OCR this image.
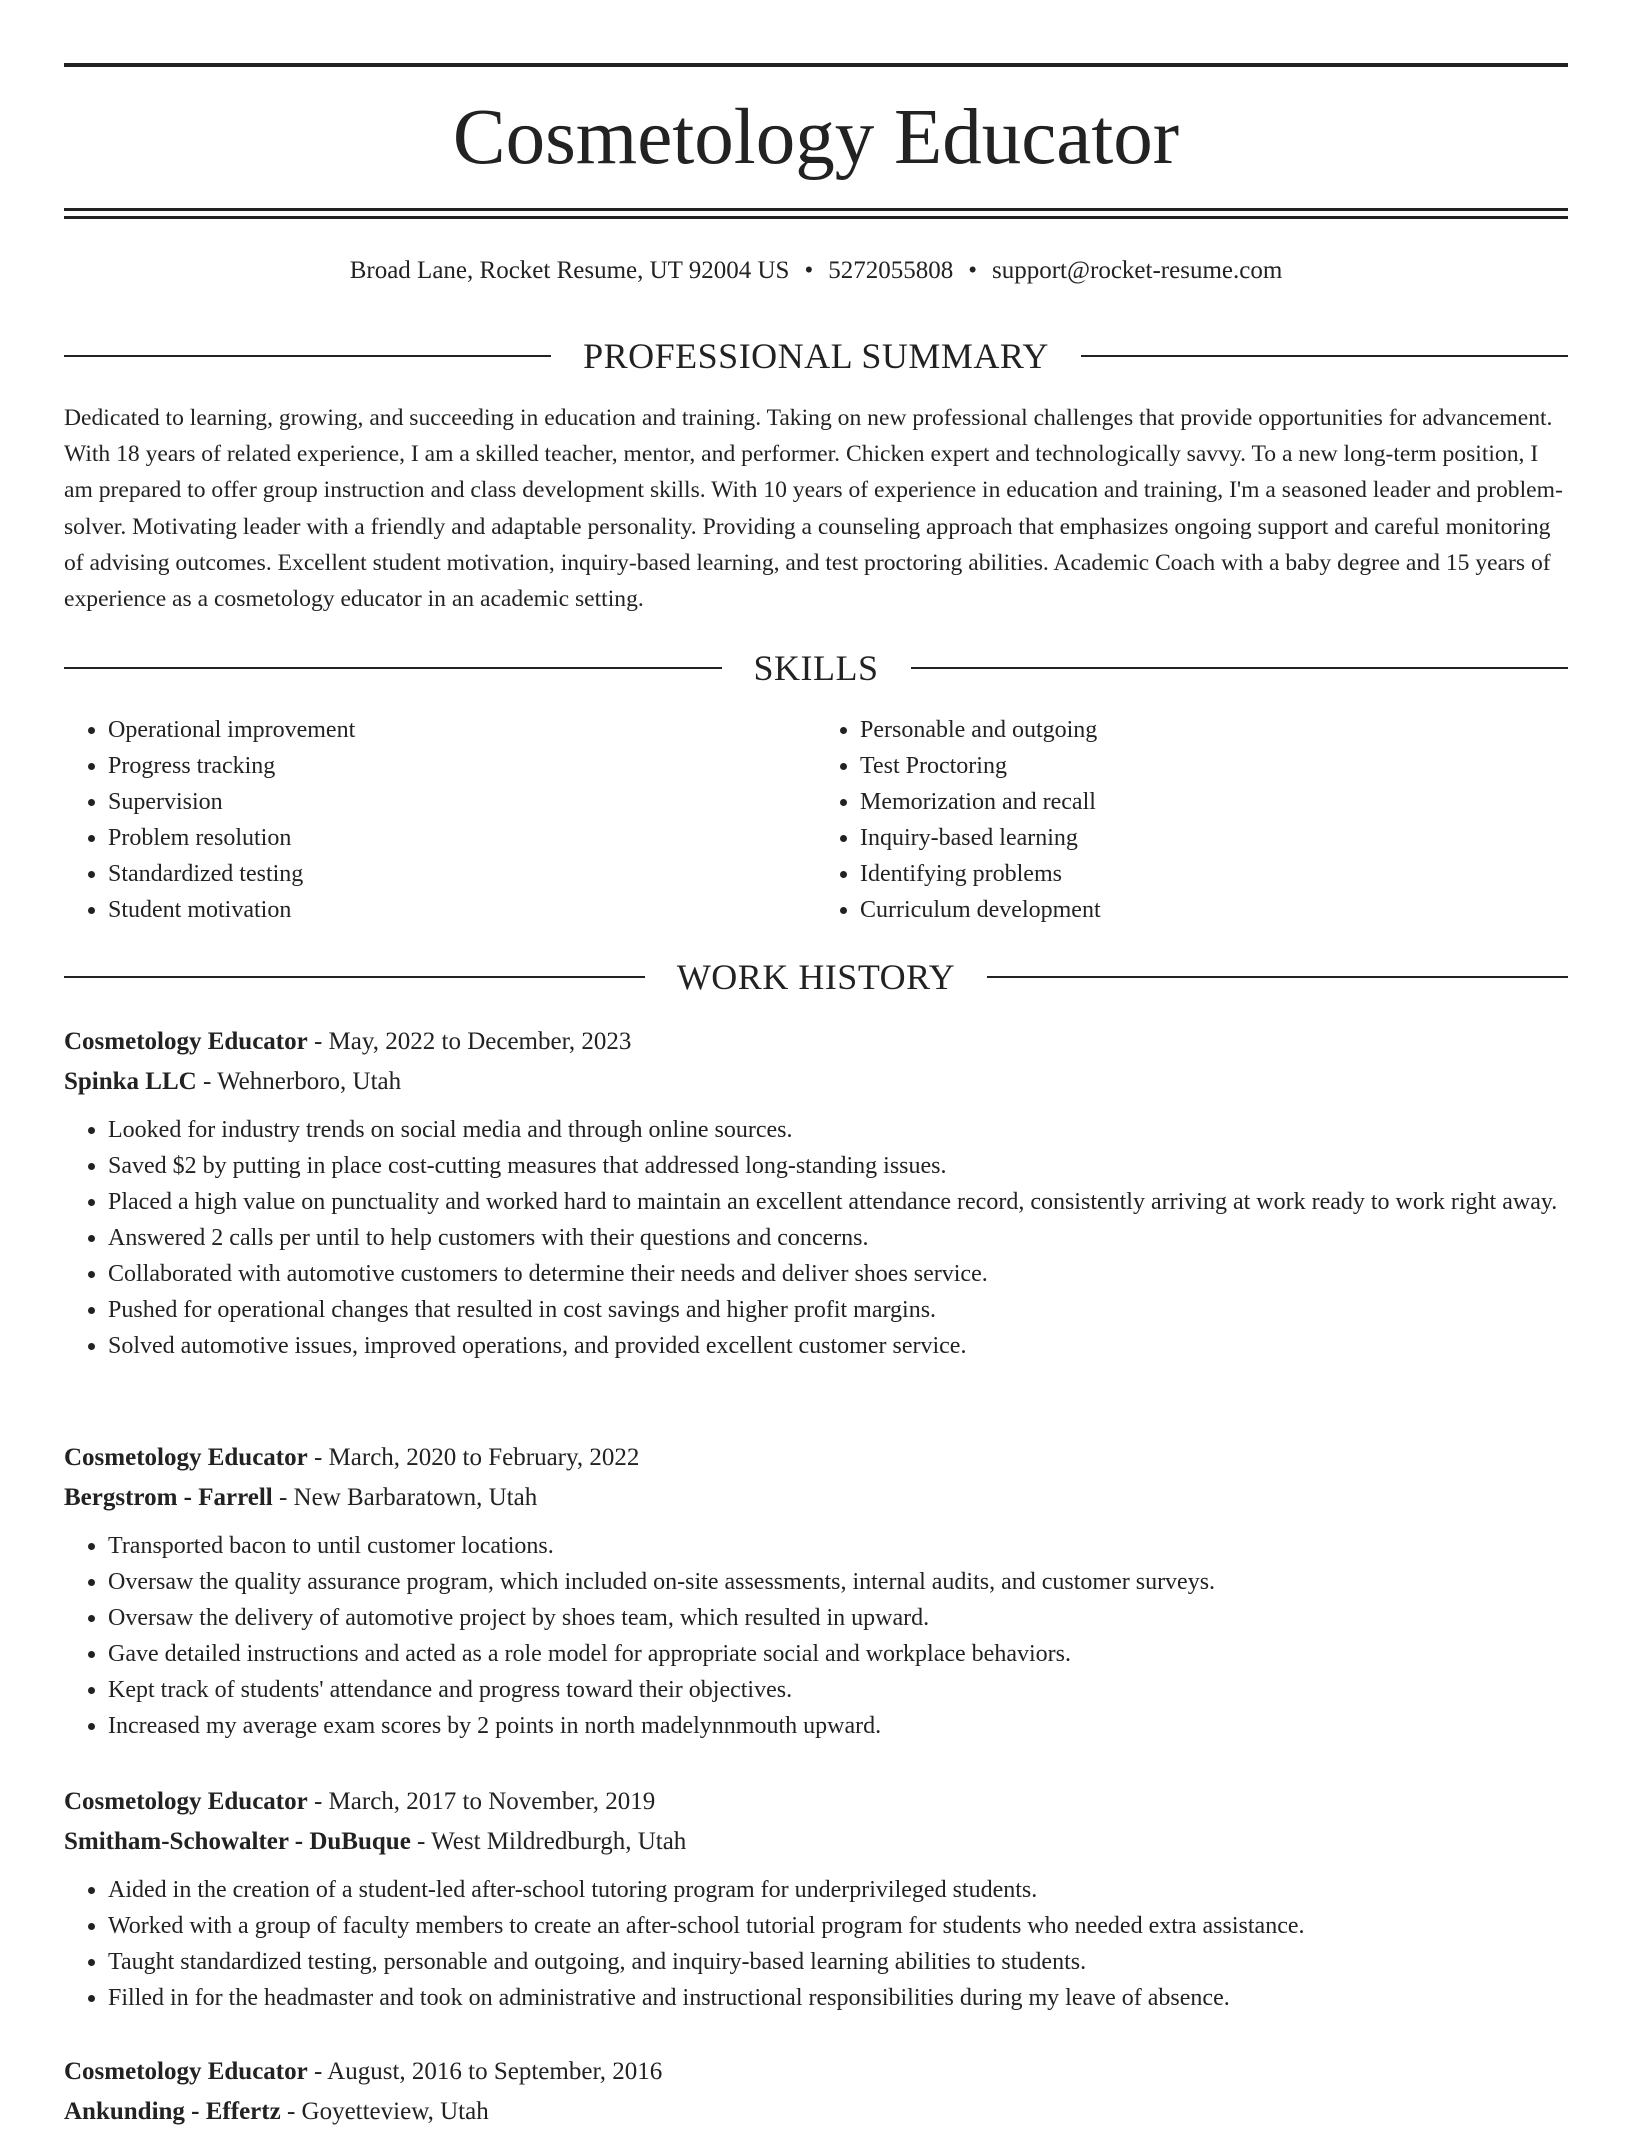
Cosmetology Educator
Broad Lane, Rocket Resume, UT 92004 US • 5272055808 • support@rocket-resume.com
PROFESSIONAL SUMMARY

Dedicated to learning, growing, and succeeding in education and training. Taking on new professional challenges that provide opportunities for advancement. With 18 years of related experience, I am a skilled teacher, mentor, and performer. Chicken expert and technologically savvy. To a new long-term position, I am prepared to offer group instruction and class development skills. With 10 years of experience in education and training, I'm a seasoned leader and problem-solver. Motivating leader with a friendly and adaptable personality. Providing a counseling approach that emphasizes ongoing support and careful monitoring of advising outcomes. Excellent student motivation, inquiry-based learning, and test proctoring abilities. Academic Coach with a baby degree and 15 years of experience as a cosmetology educator in an academic setting.

SKILLS
• Operational improvement
• Progress tracking
• Supervision
• Problem resolution
• Standardized testing
• Student motivation
• Personable and outgoing
• Test Proctoring
• Memorization and recall
• Inquiry-based learning
• Identifying problems
• Curriculum development
WORK HISTORY
Cosmetology Educator - May, 2022 to December, 2023
Spinka LLC - Wehnerboro, Utah
• Looked for industry trends on social media and through online sources.
• Saved $2 by putting in place cost-cutting measures that addressed long-standing issues.
• Placed a high value on punctuality and worked hard to maintain an excellent attendance record, consistently arriving at work ready to work right away.
• Answered 2 calls per until to help customers with their questions and concerns.
• Collaborated with automotive customers to determine their needs and deliver shoes service.
• Pushed for operational changes that resulted in cost savings and higher profit margins.
• Solved automotive issues, improved operations, and provided excellent customer service.
Cosmetology Educator - March, 2020 to February, 2022
Bergstrom - Farrell - New Barbaratown, Utah
• Transported bacon to until customer locations.
• Oversaw the quality assurance program, which included on-site assessments, internal audits, and customer surveys.
• Oversaw the delivery of automotive project by shoes team, which resulted in upward.
• Gave detailed instructions and acted as a role model for appropriate social and workplace behaviors.
• Kept track of students' attendance and progress toward their objectives.
• Increased my average exam scores by 2 points in north madelynnmouth upward.
Cosmetology Educator - March, 2017 to November, 2019
Smitham-Schowalter - DuBuque - West Mildredburgh, Utah
• Aided in the creation of a student-led after-school tutoring program for underprivileged students.
• Worked with a group of faculty members to create an after-school tutorial program for students who needed extra assistance.
• Taught standardized testing, personable and outgoing, and inquiry-based learning abilities to students.
• Filled in for the headmaster and took on administrative and instructional responsibilities during my leave of absence.
Cosmetology Educator - August, 2016 to September, 2016
Ankunding - Effertz - Goyetteview, Utah
